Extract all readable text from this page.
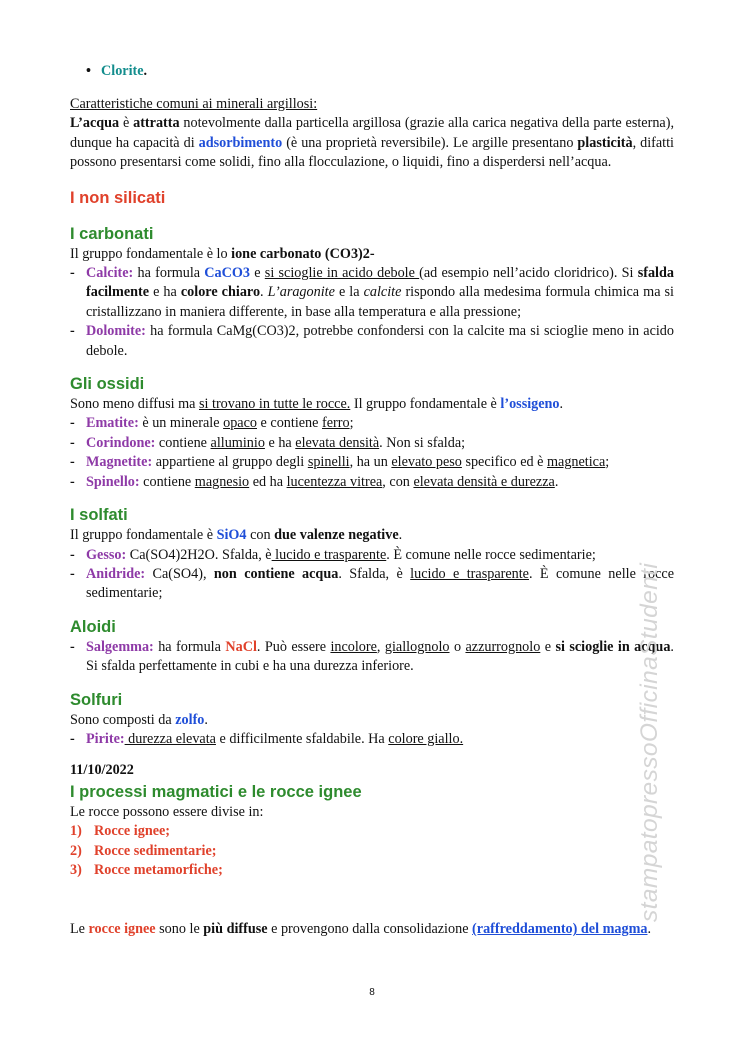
• Clorite.

Caratteristiche comuni ai minerali argillosi:

L’acqua è attratta notevolmente dalla particella argillosa (grazie alla carica negativa della parte esterna), dunque ha capacità di adsorbimento (è una proprietà reversibile). Le argille presentano plasticità, difatti possono presentarsi come solidi, fino alla flocculazione, o liquidi, fino a disperdersi nell’acqua.

I non silicati
I carbonati

Il gruppo fondamentale è lo ione carbonato (CO3)2-

- Calcite: ha formula CaCO3 e si scioglie in acido debole (ad esempio nell’acido cloridrico). Si sfalda facilmente e ha colore chiaro. L’aragonite e la calcite rispondo alla medesima formula chimica ma si cristallizzano in maniera differente, in base alla temperatura e alla pressione;

- Dolomite: ha formula CaMg(CO3)2, potrebbe confondersi con la calcite ma si scioglie meno in acido debole.

Gli ossidi

Sono meno diffusi ma si trovano in tutte le rocce. Il gruppo fondamentale è l’ossigeno.

- Ematite: è un minerale opaco e contiene ferro;

- Corindone: contiene alluminio e ha elevata densità. Non si sfalda;

- Magnetite: appartiene al gruppo degli spinelli, ha un elevato peso specifico ed è magnetica;

- Spinello: contiene magnesio ed ha lucentezza vitrea, con elevata densità e durezza.

I solfati

Il gruppo fondamentale è SiO4 con due valenze negative.

- Gesso: Ca(SO4)2H2O. Sfalda, è lucido e trasparente. È comune nelle rocce sedimentarie;

- Anidride: Ca(SO4), non contiene acqua. Sfalda, è lucido e trasparente. È comune nelle rocce sedimentarie;

Aloidi

- Salgemma: ha formula NaCl. Può essere incolore, giallognolo o azzurrognolo e si scioglie in acqua. Si sfalda perfettamente in cubi e ha una durezza inferiore.

Solfuri

Sono composti da zolfo.

- Pirite: durezza elevata e difficilmente sfaldabile. Ha colore giallo.

11/10/2022

I processi magmatici e le rocce ignee

Le rocce possono essere divise in:

1) Rocce ignee;

2) Rocce sedimentarie;

3) Rocce metamorfiche;

Le rocce ignee sono le più diffuse e provengono dalla consolidazione (raffreddamento) del magma.

stampatopressoOfficinaStudenti
8
